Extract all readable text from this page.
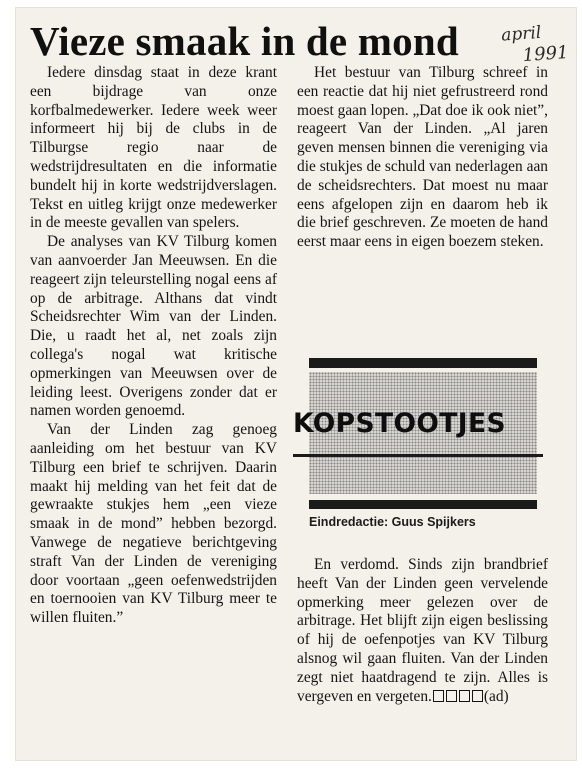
Vieze smaak in de mond april
1991

Iedere dinsdag staat in deze krant een bijdrage van onze korfbalmedewerker. Iedere week weer informeert hij bij de clubs in de Tilburgse regio naar de wedstrijdresultaten en die informatie bundelt hij in korte wedstrijdverslagen. Tekst en uitleg krijgt onze medewerker in de meeste gevallen van spelers.

De analyses van KV Tilburg komen van aanvoerder Jan Meeuwsen. En die reageert zijn teleurstelling nogal eens af op de arbitrage. Althans dat vindt Scheidsrechter Wim van der Linden. Die, u raadt het al, net zoals zijn collega's nogal wat kritische opmerkingen van Meeuwsen over de leiding leest. Overigens zonder dat er namen worden genoemd.

Van der Linden zag genoeg aanleiding om het bestuur van KV Tilburg een brief te schrijven. Daarin maakt hij melding van het feit dat de gewraakte stukjes hem „een vieze smaak in de mond” hebben bezorgd. Vanwege de negatieve berichtgeving straft Van der Linden de vereniging door voortaan „geen oefenwedstrijden en toernooien van KV Tilburg meer te willen fluiten.”

Het bestuur van Tilburg schreef in een reactie dat hij niet gefrustreerd rond moest gaan lopen. „Dat doe ik ook niet”, reageert Van der Linden. „Al jaren geven mensen binnen die vereniging via die stukjes de schuld van nederlagen aan de scheidsrechters. Dat moest nu maar eens afgelopen zijn en daarom heb ik die brief geschreven. Ze moeten de hand eerst maar eens in eigen boezem steken.

KOPSTOOTJES
Eindredactie: Guus Spijkers

En verdomd. Sinds zijn brandbrief heeft Van der Linden geen vervelende opmerking meer gelezen over de arbitrage. Het blijft zijn eigen beslissing of hij de oefenpotjes van KV Tilburg alsnog wil gaan fluiten. Van der Linden zegt niet haatdragend te zijn. Alles is vergeven en vergeten.	(ad)
